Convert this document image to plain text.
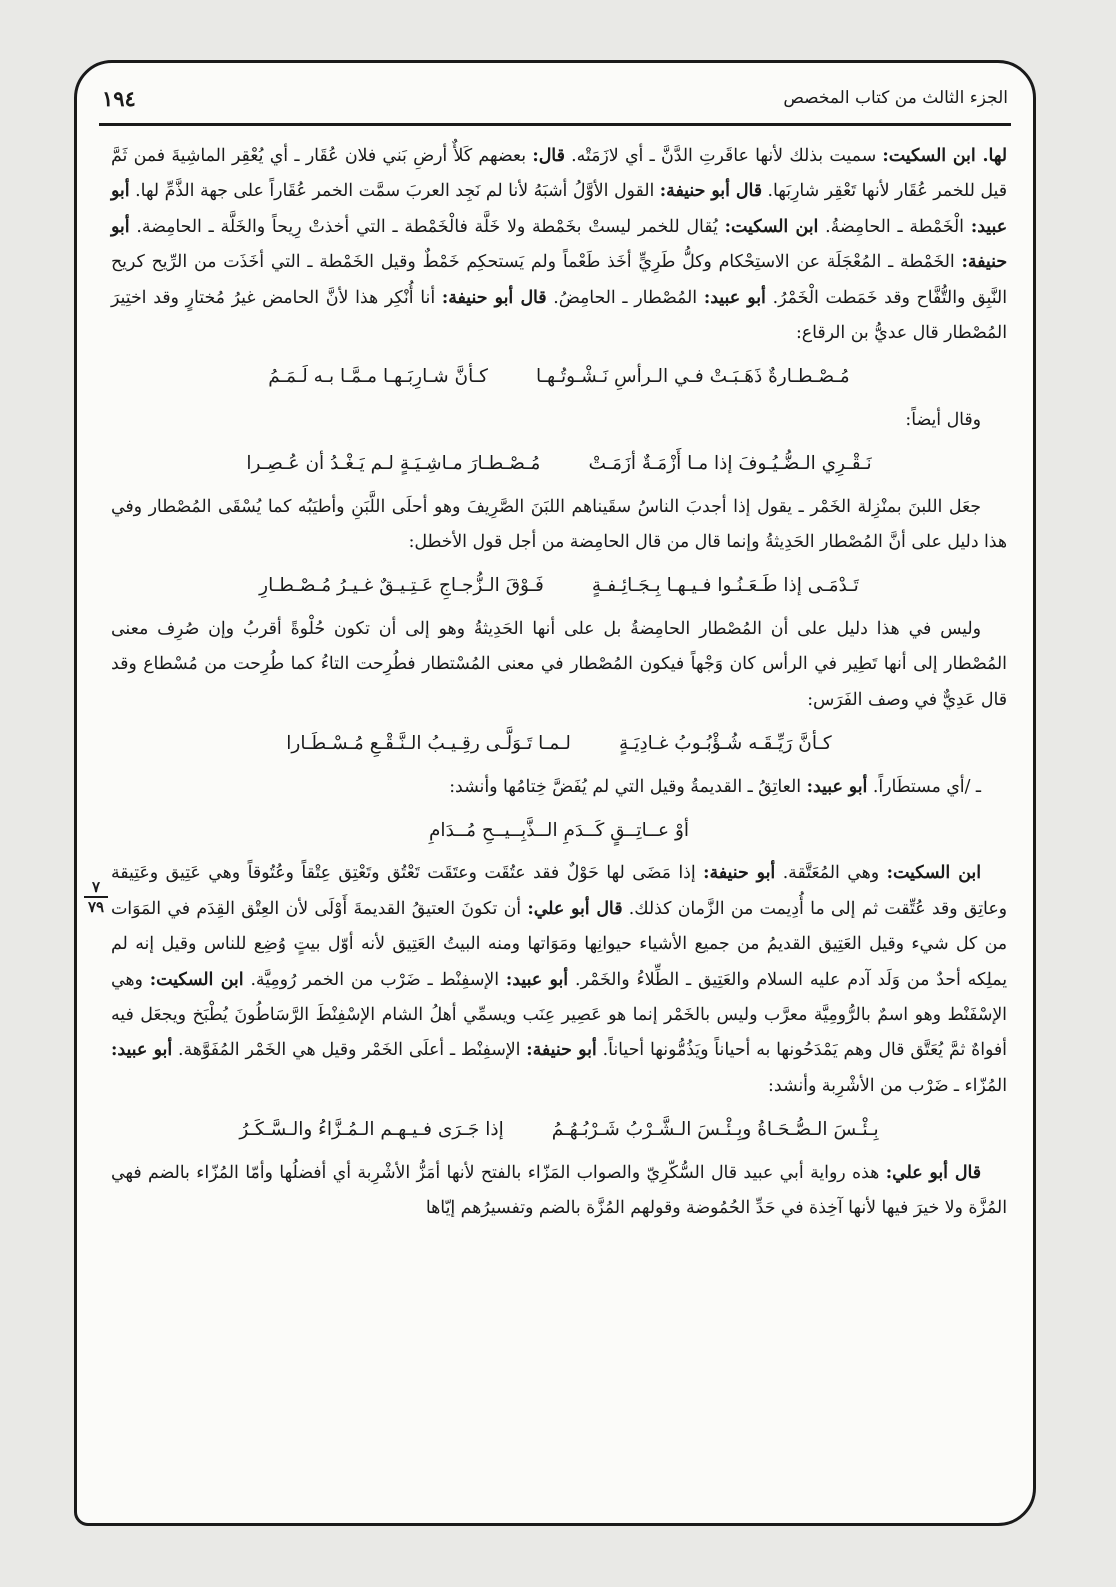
الجزء الثالث من كتاب المخصص
١٩٤

لها. ابن السكيت: سميت بذلك لأنها عاقَرتِ الدَّنَّ ـ أي لازَمَتْه. قال: بعضهم كَلأٌ أرضِ بَني فلان عُقَار ـ أي يُعْقِر الماشِيةَ فمن ثَمَّ قيل للخمر عُقَار لأنها تَعْقِر شارِبَها. قال أبو حنيفة: القول الأوَّلُ أشبَهُ لأنا لم نَجِد العربَ سمَّت الخمر عُقَاراً على جهة الذَّمِّ لها. أبو عبيد: الْخَمْطة ـ الحامِضةُ. ابن السكيت: يُقال للخمر ليستْ بخَمْطة ولا خَلَّة فالْخَمْطة ـ التي أخذتْ رِيحاً والخَلَّة ـ الحامِضة. أبو حنيفة: الخَمْطة ـ المُعْجَلَة عن الاستِحْكام وكلُّ طَرِيٍّ أخَذ طَعْماً ولم يَستحكِم خَمْطٌ وقيل الخَمْطة ـ التي أخَذَت من الرِّيح كريح النَّبِق والتُّفَّاح وقد خَمَطت الْخَمْرُ. أبو عبيد: المُصْطار ـ الحامِضُ. قال أبو حنيفة: أنا أُنْكِر هذا لأنَّ الحامض غيرُ مُختارٍ وقد اختِيرَ المُصْطار قال عديُّ بن الرقاع:

مُـصْـطـارةٌ ذَهَـبَـتْ فـي الـرأسِ نَـشْـوتُـهـا
كـأنَّ شـارِبَـهـا مـمَّـا بـه لَـمَـمُ

وقال أيضاً:

نَـقْـرِي الـضُّـيُـوفَ إذا مـا أَزْمَـةٌ أزَمَـتْ
مُـصْـطـارَ مـاشِـيَـةٍ لـم يَـغْـدُ أن عُـصِـرا

جعَل اللبنَ بمنْزِلة الخَمْر ـ يقول إذا أجدبَ الناسُ سقَيناهم اللبَنَ الصَّرِيفَ وهو أحلَى اللَّبَنِ وأطيَبُه كما يُسْقَى المُصْطار وفي هذا دليل على أنَّ المُصْطار الحَدِيثةُ وإنما قال من قال الحامِضة من أجل قول الأخطل:

تَـدْمَـى إذا طَـعَـنُـوا فـيـهـا بِـجَـائِـفـةٍ
فَـوْقَ الـزُّجـاجِ عَـتِـيـقٌ غـيـرُ مُـصْـطـارِ

وليس في هذا دليل على أن المُصْطار الحامِضةُ بل على أنها الحَدِيثةُ وهو إلى أن تكون حُلْوةً أقربُ وإن صُرِف معنى المُصْطار إلى أنها تَطِير في الرأس كان وَجْهاً فيكون المُصْطار في معنى المُسْتطار فطُرِحت التاءُ كما طُرِحت من مُسْطاع وقد قال عَدِيٌّ في وصف الفَرَس:

كـأنَّ رَيِّـقَـه شُـؤْبُـوبُ غـادِيَـةٍ
لـمـا تَـوَلَّـى رقِـيـبُ الـنَّـقْـعِ مُـسْـطَـارا

ـ /أي مستطَاراً. أبو عبيد: العاتِقُ ـ القديمةُ وقيل التي لم يُفَضَّ خِتامُها وأنشد:

أوْ عــاتِــقٍ كَــدَمِ الــذَّبِــيــحِ مُــدَامِ

ابن السكيت: وهي المُعَتَّقة. أبو حنيفة: إذا مَضَى لها حَوْلٌ فقد عتُقَت وعتَقَت تَعْتُق وتَعْتِق عِتْقاً وعُتُوقاً وهي عَتِيق وعَتِيقة وعاتِق وقد عُتِّقت ثم إلى ما أُدِيمت من الزَّمان كذلك. قال أبو علي: أن تكونَ العتيقُ القديمةَ أَوْلَى لأن العِتْق القِدَم في المَوَات من كل شيء وقيل العَتِيق القديمُ من جميع الأشياء حيوانِها ومَوَاتها ومنه البيتُ العَتِيق لأنه أوّل بيتٍ وُضِع للناس وقيل إنه لم يملِكه أحدٌ من وَلَد آدم عليه السلام والعَتِيق ـ الطِّلاءُ والخَمْر. أبو عبيد: الإسفِنْط ـ ضَرْب من الخمر رُومِيَّة. ابن السكيت: وهي الإسْفَنْط وهو اسمٌ بالرُّومِيَّة معرَّب وليس بالخَمْر إنما هو عَصِير عِنَب ويسمِّي أهلُ الشام الإسْفِنْطَ الرَّسَاطُونَ يُطْبَخ ويجعَل فيه أفواهٌ ثمَّ يُعَتَّق قال وهم يَمْدَحُونها به أحياناً ويَذُمُّونها أحياناً. أبو حنيفة: الإسفِنْط ـ أعلَى الخَمْر وقيل هي الخَمْر المُفَوَّهة. أبو عبيد: المُزّاء ـ ضَرْب من الأشْرِبة وأنشد:

بِـئْـسَ الـصُّـحَـاةُ وبِـئْـسَ الـشَّـرْبُ شَـرْبُـهُـمُ
إذا جَـرَى فـيـهـم الـمُـزَّاءُ والـسَّـكَـرُ

قال أبو علي: هذه رواية أبي عبيد قال السُّكّرِيّ والصواب المَزّاء بالفتح لأنها أمَزُّ الأشْرِبة أي أفضلُها وأمّا المُزّاء بالضم فهي المُزَّة ولا خيرَ فيها لأنها آخِذة في حَدِّ الحُمُوضة وقولهم المُزَّة بالضم وتفسيرُهم إيّاها

٧
٧٩
